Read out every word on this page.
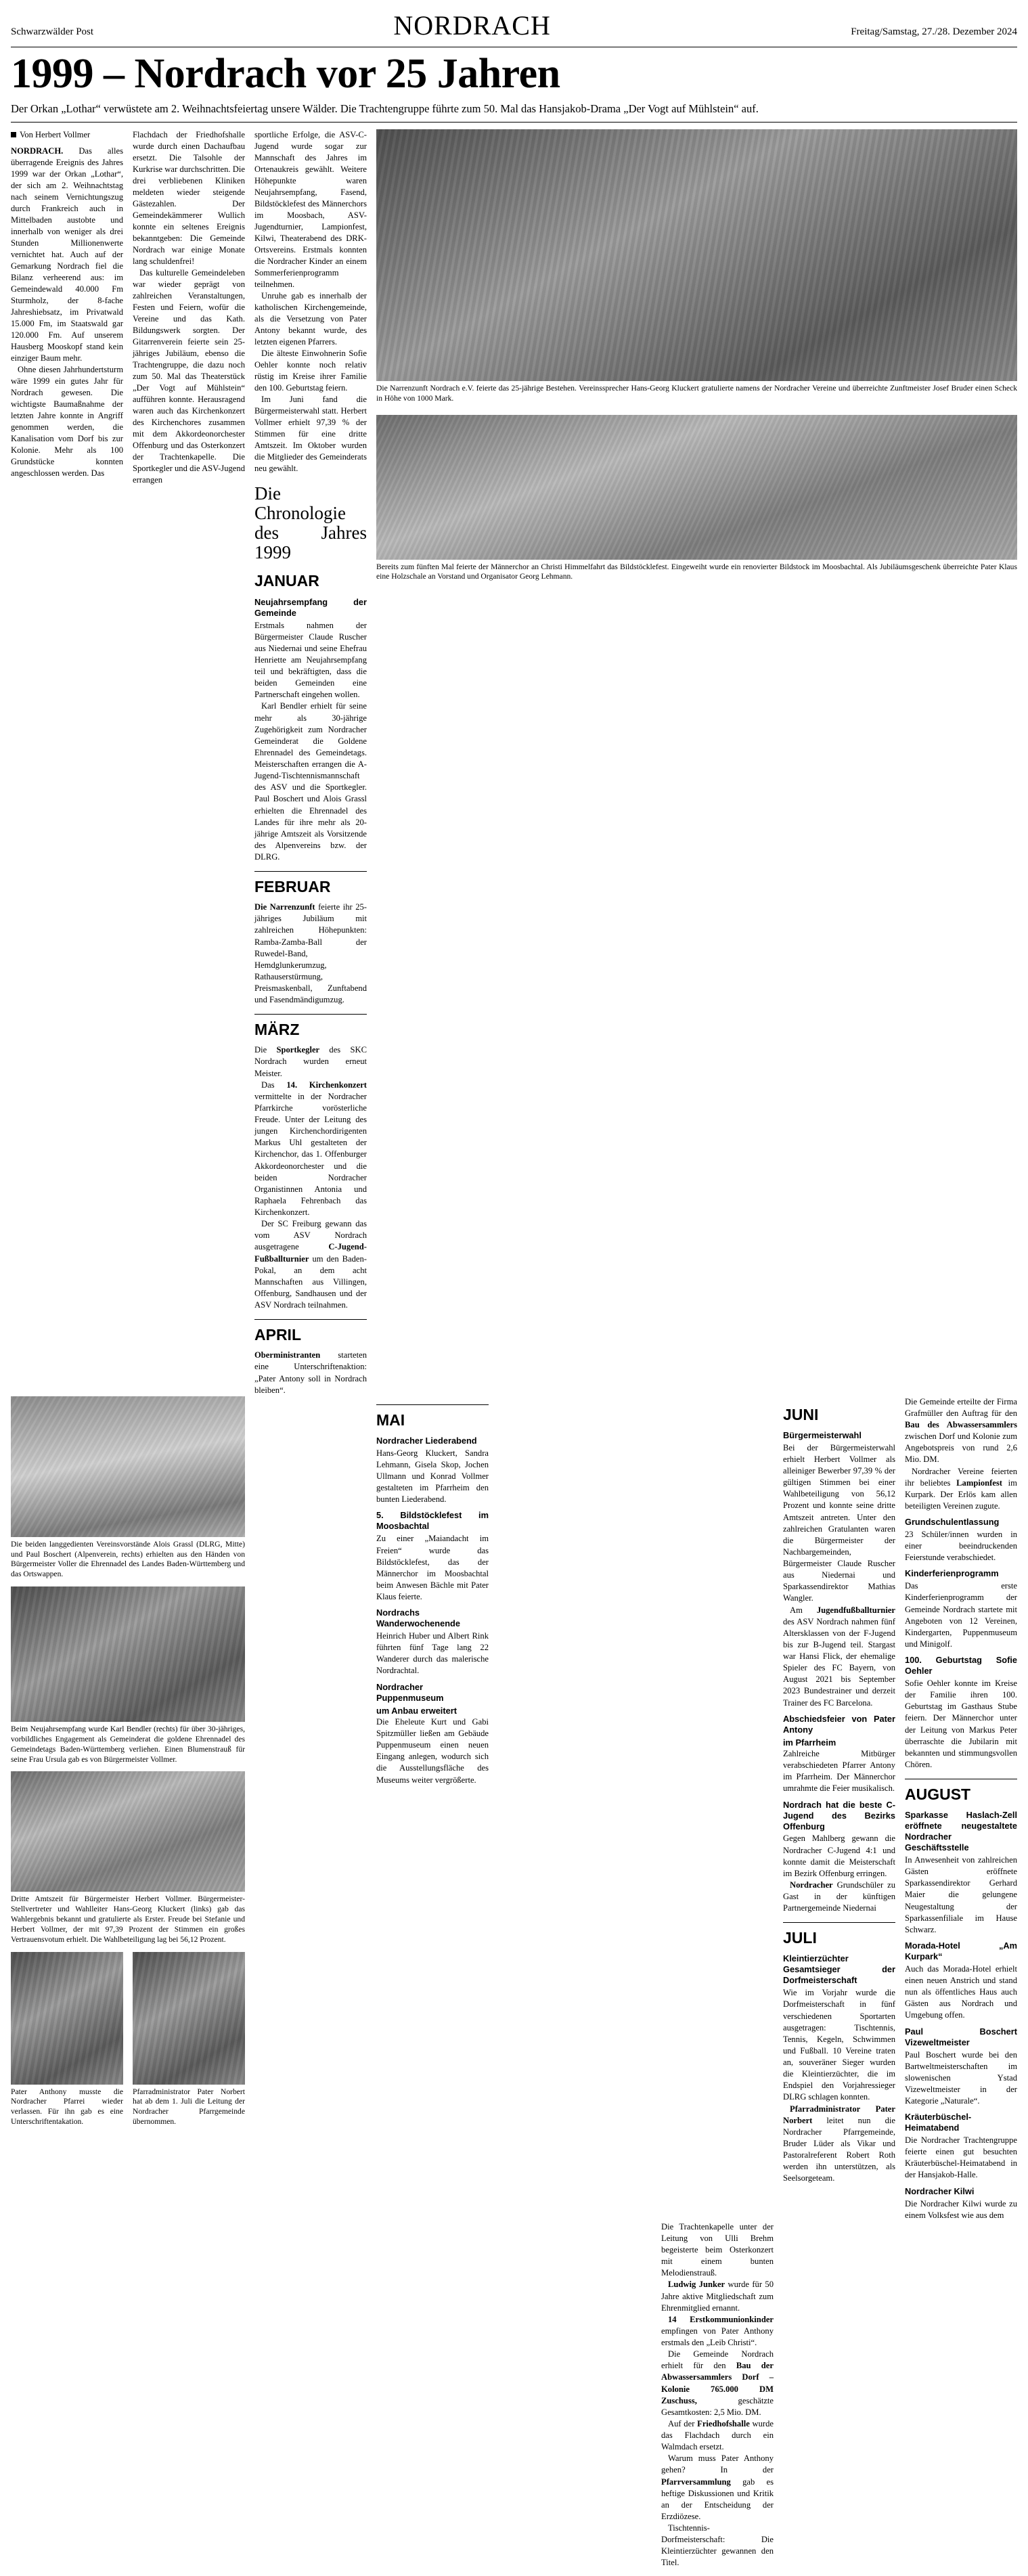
Schwarzwälder Post	NORDRACH	Freitag/Samstag, 27./28. Dezember 2024
1999 – Nordrach vor 25 Jahren
Der Orkan „Lothar“ verwüstete am 2. Weihnachtsfeiertag unsere Wälder. Die Trachtengruppe führte zum 50. Mal das Hansjakob-Drama „Der Vogt auf Mühlstein“ auf.
Von Herbert Vollmer

NORDRACH. Das alles überragende Ereignis des Jahres 1999 war der Orkan „Lothar“, der sich am 2. Weihnachtstag nach seinem Vernichtungszug durch Frankreich auch in Mittelbaden austobte und innerhalb von weniger als drei Stunden Millionenwerte vernichtet hat. Auch auf der Gemarkung Nordrach fiel die Bilanz verheerend aus: im Gemeindewald 40.000 Fm Sturmholz, der 8-fache Jahreshiebsatz, im Privatwald 15.000 Fm, im Staatswald gar 120.000 Fm. Auf unserem Hausberg Mooskopf stand kein einziger Baum mehr.

Ohne diesen Jahrhundertsturm wäre 1999 ein gutes Jahr für Nordrach gewesen. Die wichtigste Baumaßnahme der letzten Jahre konnte in Angriff genommen werden, die Kanalisation vom Dorf bis zur Kolonie. Mehr als 100 Grundstücke konnten angeschlossen werden. Das

Flachdach der Friedhofshalle wurde durch einen Dachaufbau ersetzt. Die Talsohle der Kurkrise war durchschritten. Die drei verbliebenen Kliniken meldeten wieder steigende Gästezahlen. Der Gemeindekämmerer Wullich konnte ein seltenes Ereignis bekanntgeben: Die Gemeinde Nordrach war einige Monate lang schuldenfrei!

Das kulturelle Gemeindeleben war wieder geprägt von zahlreichen Veranstaltungen, Festen und Feiern, wofür die Vereine und das Kath. Bildungswerk sorgten. Der Gitarrenverein feierte sein 25-jähriges Jubiläum, ebenso die Trachtengruppe, die dazu noch zum 50. Mal das Theaterstück „Der Vogt auf Mühlstein“ aufführen konnte. Herausragend waren auch das Kirchenkonzert des Kirchenchores zusammen mit dem Akkordeonorchester Offenburg und das Osterkonzert der Trachtenkapelle. Die Sportkegler und die ASV-Jugend errangen

sportliche Erfolge, die ASV-C-Jugend wurde sogar zur Mannschaft des Jahres im Ortenaukreis gewählt. Weitere Höhepunkte waren Neujahrsempfang, Fasend, Bildstöcklefest des Männerchors im Moosbach, ASV-Jugendturnier, Lampionfest, Kilwi, Theaterabend des DRK-Ortsvereins. Erstmals konnten die Nordracher Kinder an einem Sommerferienprogramm teilnehmen.

Unruhe gab es innerhalb der katholischen Kirchengemeinde, als die Versetzung von Pater Antony bekannt wurde, des letzten eigenen Pfarrers.

Die älteste Einwohnerin Sofie Oehler konnte noch relativ rüstig im Kreise ihrer Familie den 100. Geburtstag feiern.

Im Juni fand die Bürgermeisterwahl statt. Herbert Vollmer erhielt 97,39 % der Stimmen für eine dritte Amtszeit. Im Oktober wurden die Mitglieder des Gemeinderats neu gewählt.

Die Chronologie des Jahres 1999
JANUAR
Neujahrsempfang der Gemeinde

Erstmals nahmen der Bürgermeister Claude Ruscher aus Niedernai und seine Ehefrau Henriette am Neujahrsempfang teil und bekräftigten, dass die beiden Gemeinden eine Partnerschaft eingehen wollen.

Karl Bendler erhielt für seine mehr als 30-jährige Zugehörigkeit zum Nordracher Gemeinderat die Goldene Ehrennadel des Gemeindetags. Meisterschaften errangen die A-Jugend-Tischtennismannschaft des ASV und die Sportkegler. Paul Boschert und Alois Grassl erhielten die Ehrennadel des Landes für ihre mehr als 20-jährige Amtszeit als Vorsitzende des Alpenvereins bzw. der DLRG.

FEBRUAR

Die Narrenzunft feierte ihr 25-jähriges Jubiläum mit zahlreichen Höhepunkten: Ramba-Zamba-Ball der Ruwedel-Band, Hemdglunkerumzug, Rathauserstürmung, Preismaskenball, Zunftabend und Fasendmändigumzug.

MÄRZ

Die Sportkegler des SKC Nordrach wurden erneut Meister.

Das 14. Kirchenkonzert vermittelte in der Nordracher Pfarrkirche vorösterliche Freude. Unter der Leitung des jungen Kirchenchordirigenten Markus Uhl gestalteten der Kirchenchor, das 1. Offenburger Akkordeonorchester und die beiden Nordracher Organistinnen Antonia und Raphaela Fehrenbach das Kirchenkonzert.

Der SC Freiburg gewann das vom ASV Nordrach ausgetragene	C-Jugend-Fußballturnier um den Baden-Pokal, an dem acht Mannschaften aus Villingen, Offenburg, Sandhausen und der ASV Nordrach teilnahmen.

APRIL

Oberministranten starteten eine Unterschriftenaktion: „Pater Antony soll in Nordrach bleiben“.

Die Narrenzunft Nordrach e.V. feierte das 25-jährige Bestehen. Vereinssprecher Hans-Georg Kluckert gratulierte namens der Nordracher Vereine und überreichte Zunftmeister Josef Bruder einen Scheck in Höhe von 1000 Mark.
Bereits zum fünften Mal feierte der Männerchor an Christi Himmelfahrt das Bildstöcklefest. Eingeweiht wurde ein renovierter Bildstock im Moosbachtal. Als Jubiläumsgeschenk überreichte Pater Klaus eine Holzschale an Vorstand und Organisator Georg Lehmann.
Die beiden langgedienten Vereinsvorstände Alois Grassl (DLRG, Mitte) und Paul Boschert (Alpenverein, rechts) erhielten aus den Händen von Bürgermeister Voller die Ehrennadel des Landes Baden-Württemberg und das Ortswappen.
Beim Neujahrsempfang wurde Karl Bendler (rechts) für über 30-jähriges, vorbildliches Engagement als Gemeinderat die goldene Ehrennadel des Gemeindetags Baden-Württemberg verliehen. Einen Blumenstrauß für seine Frau Ursula gab es von Bürgermeister Vollmer.
Dritte Amtszeit für Bürgermeister Herbert Vollmer. Bürgermeister-Stellvertreter und Wahlleiter Hans-Georg Kluckert (links) gab das Wahlergebnis bekannt und gratulierte als Erster. Freude bei Stefanie und Herbert Vollmer, der mit 97,39 Prozent der Stimmen ein großes Vertrauensvotum erhielt. Die Wahlbeteiligung lag bei 56,12 Prozent.
Pater Anthony musste die Nordracher Pfarrei wieder verlassen. Für ihn gab es eine Unterschriftentakation.
Pfarradministrator Pater Norbert hat ab dem 1. Juli die Leitung der Nordracher Pfarrgemeinde übernommen.
MAI
Nordracher Liederabend

Hans-Georg Kluckert, Sandra Lehmann, Gisela Skop, Jochen Ullmann und Konrad Vollmer gestalteten im Pfarrheim den bunten Liederabend.

5. Bildstöcklefest im Moosbachtal

Zu einer „Maiandacht im Freien“ wurde das Bildstöcklefest, das der Männerchor im Moosbachtal beim Anwesen Bächle mit Pater Klaus feierte.

Nordrachs Wanderwochenende

Heinrich Huber und Albert Rink führten fünf Tage lang 22 Wanderer durch das malerische Nordrachtal.

Nordracher Puppenmuseum
um Anbau erweitert

Die Eheleute Kurt und Gabi Spitzmüller ließen am Gebäude Puppenmuseum einen neuen Eingang anlegen, wodurch sich die Ausstellungsfläche des Museums weiter vergrößerte.

JUNI
Bürgermeisterwahl

Bei der Bürgermeisterwahl erhielt Herbert Vollmer als alleiniger Bewerber 97,39 % der gültigen Stimmen bei einer Wahlbeteiligung von 56,12 Prozent und konnte seine dritte Amtszeit antreten. Unter den zahlreichen Gratulanten waren die Bürgermeister der Nachbargemeinden, Bürgermeister Claude Ruscher aus Niedernai und Sparkassendirektor Mathias Wangler.

Am Jugendfußballturnier des ASV Nordrach nahmen fünf Altersklassen von der F-Jugend bis zur B-Jugend teil. Stargast war Hansi Flick, der ehemalige Spieler des FC Bayern, von August 2021 bis September 2023 Bundestrainer und derzeit Trainer des FC Barcelona.

Abschiedsfeier von Pater Antony
im Pfarrheim

Zahlreiche Mitbürger verabschiedeten Pfarrer Antony im Pfarrheim. Der Männerchor umrahmte die Feier musikalisch.

Nordrach hat die beste C-Jugend des Bezirks Offenburg

Gegen Mahlberg gewann die Nordracher C-Jugend 4:1 und konnte damit die Meisterschaft im Bezirk Offenburg erringen.

Nordracher Grundschüler zu Gast in der künftigen Partnergemeinde Niedernai

JULI
Kleintierzüchter Gesamtsieger der Dorfmeisterschaft

Wie im Vorjahr wurde die Dorfmeisterschaft in fünf verschiedenen Sportarten ausgetragen: Tischtennis, Tennis, Kegeln, Schwimmen und Fußball. 10 Vereine traten an, souveräner Sieger wurden die Kleintierzüchter, die im Endspiel den Vorjahressieger DLRG schlagen konnten.

Pfarradministrator Pater Norbert leitet nun die Nordracher Pfarrgemeinde, Bruder Lüder als Vikar und Pastoralreferent Robert Roth werden ihn unterstützen, als Seelsorgeteam.

Die Gemeinde erteilte der Firma Grafmüller den Auftrag für den Bau des Abwassersammlers zwischen Dorf und Kolonie zum Angebotspreis von rund 2,6 Mio. DM.

Nordracher Vereine feierten ihr beliebtes Lampionfest im Kurpark. Der Erlös kam allen beteiligten Vereinen zugute.

Grundschulentlassung

23 Schüler/innen wurden in einer beeindruckenden Feierstunde verabschiedet.

Kinderferienprogramm

Das erste Kinderferienprogramm der Gemeinde Nordrach startete mit Angeboten von 12 Vereinen, Kindergarten, Puppenmuseum und Minigolf.

100. Geburtstag Sofie Oehler

Sofie Oehler konnte im Kreise der Familie ihren 100. Geburtstag im Gasthaus Stube feiern. Der Männerchor unter der Leitung von Markus Peter überraschte die Jubilarin mit bekannten und stimmungsvollen Chören.

AUGUST
Sparkasse Haslach-Zell eröffnete neugestaltete Nordracher Geschäftsstelle

In Anwesenheit von zahlreichen Gästen eröffnete Sparkassendirektor Gerhard Maier die gelungene Neugestaltung der Sparkassenfiliale im Hause Schwarz.

Morada-Hotel „Am Kurpark“

Auch das Morada-Hotel erhielt einen neuen Anstrich und stand nun als öffentliches Haus auch Gästen aus Nordrach und Umgebung offen.

Paul Boschert Vizeweltmeister

Paul Boschert wurde bei den Bartweltmeisterschaften im slowenischen Ystad Vizeweltmeister in der Kategorie „Naturale“.

Kräuterbüschel-Heimatabend

Die Nordracher Trachtengruppe feierte einen gut besuchten Kräuterbüschel-Heimatabend in der Hansjakob-Halle.

Nordracher Kilwi

Die Nordracher Kilwi wurde zu einem Volksfest wie aus dem

Die Trachtenkapelle unter der Leitung von Ulli Brehm begeisterte beim Osterkonzert mit einem bunten Melodienstrauß.

Ludwig Junker wurde für 50 Jahre aktive Mitgliedschaft zum Ehrenmitglied ernannt.

14 Erstkommunionkinder empfingen von Pater Anthony erstmals den „Leib Christi“.

Die Gemeinde Nordrach erhielt für den Bau der Abwassersammlers Dorf – Kolonie 765.000 DM Zuschuss, geschätzte Gesamtkosten: 2,5 Mio. DM.

Auf der Friedhofshalle wurde das Flachdach durch ein Walmdach ersetzt.

Warum muss Pater Anthony gehen? In der Pfarrversammlung gab es heftige Diskussionen und Kritik an der Entscheidung der Erzdiözese.

Tischtennis-Dorfmeisterschaft: Die Kleintierzüchter gewannen den Titel.
